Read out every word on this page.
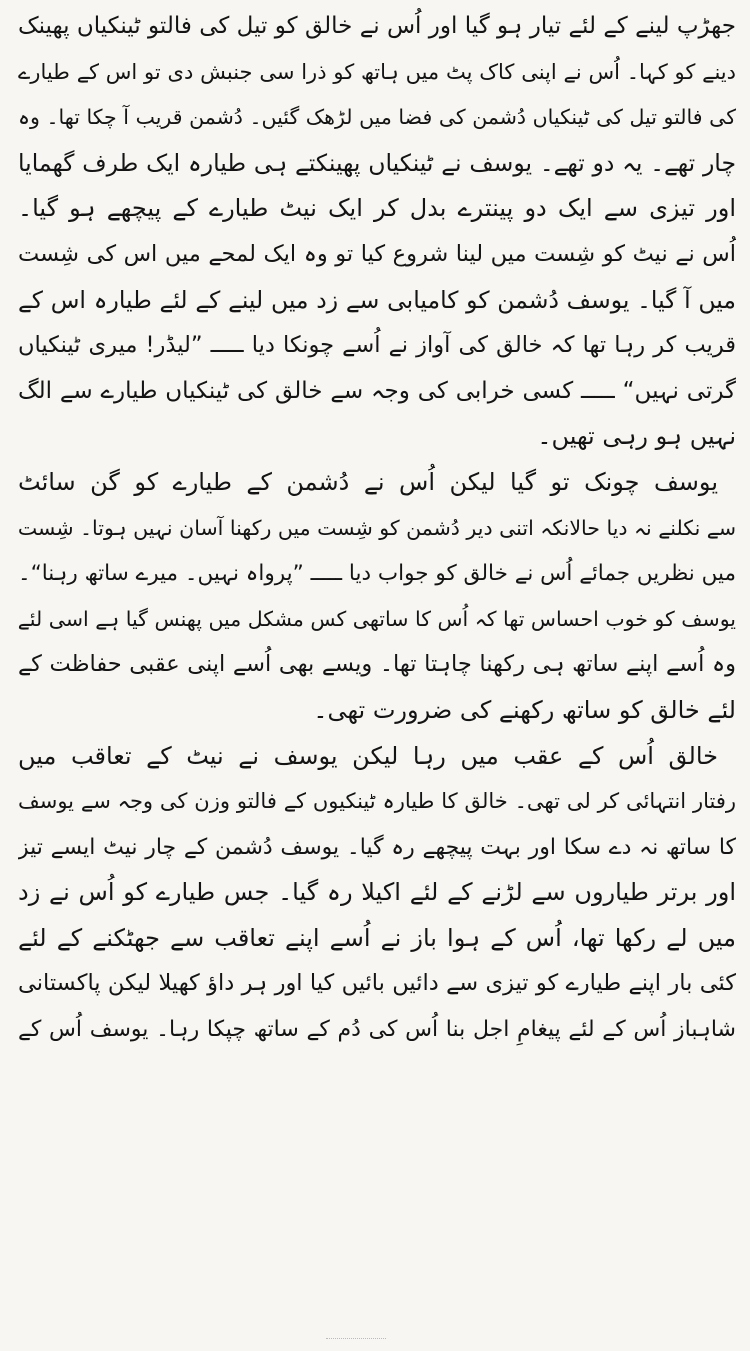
جھڑپ لینے کے لئے تیار ہو گیا اور اُس نے خالق کو تیل کی فالتو ٹینکیاں پھینک
دینے کو کہا۔ اُس نے اپنی کاک پٹ میں ہاتھ کو ذرا سی جنبش دی تو اس کے طیارے
کی فالتو تیل کی ٹینکیاں دُشمن کی فضا میں لڑھک گئیں۔ دُشمن قریب آ چکا تھا۔ وہ
چار تھے۔ یہ دو تھے۔ یوسف نے ٹینکیاں پھینکتے ہی طیارہ ایک طرف گھمایا
اور تیزی سے ایک دو پینترے بدل کر ایک نیٹ طیارے کے پیچھے ہو گیا۔
اُس نے نیٹ کو شِست میں لینا شروع کیا تو وہ ایک لمحے میں اس کی شِست
میں آ گیا۔ یوسف دُشمن کو کامیابی سے زد میں لینے کے لئے طیارہ اس کے
قریب کر رہا تھا کہ خالق کی آواز نے اُسے چونکا دیا ـــــ ”لیڈر! میری ٹینکیاں
گرتی نہیں“ ـــــ کسی خرابی کی وجہ سے خالق کی ٹینکیاں طیارے سے الگ
نہیں ہو رہی تھیں۔
یوسف چونک تو گیا لیکن اُس نے دُشمن کے طیارے کو گن سائٹ
سے نکلنے نہ دیا حالانکہ اتنی دیر دُشمن کو شِست میں رکھنا آسان نہیں ہوتا۔ شِست
میں نظریں جمائے اُس نے خالق کو جواب دیا ـــــ ”پرواہ نہیں۔ میرے ساتھ رہنا“۔
یوسف کو خوب احساس تھا کہ اُس کا ساتھی کس مشکل میں پھنس گیا ہے اسی لئے
وہ اُسے اپنے ساتھ ہی رکھنا چاہتا تھا۔ ویسے بھی اُسے اپنی عقبی حفاظت کے
لئے خالق کو ساتھ رکھنے کی ضرورت تھی۔
خالق اُس کے عقب میں رہا لیکن یوسف نے نیٹ کے تعاقب میں
رفتار انتہائی کر لی تھی۔ خالق کا طیارہ ٹینکیوں کے فالتو وزن کی وجہ سے یوسف
کا ساتھ نہ دے سکا اور بہت پیچھے رہ گیا۔ یوسف دُشمن کے چار نیٹ ایسے تیز
اور برتر طیاروں سے لڑنے کے لئے اکیلا رہ گیا۔ جس طیارے کو اُس نے زد
میں لے رکھا تھا، اُس کے ہوا باز نے اُسے اپنے تعاقب سے جھٹکنے کے لئے
کئی بار اپنے طیارے کو تیزی سے دائیں بائیں کیا اور ہر داؤ کھیلا لیکن پاکستانی
شاہباز اُس کے لئے پیغامِ اجل بنا اُس کی دُم کے ساتھ چپکا رہا۔ یوسف اُس کے
